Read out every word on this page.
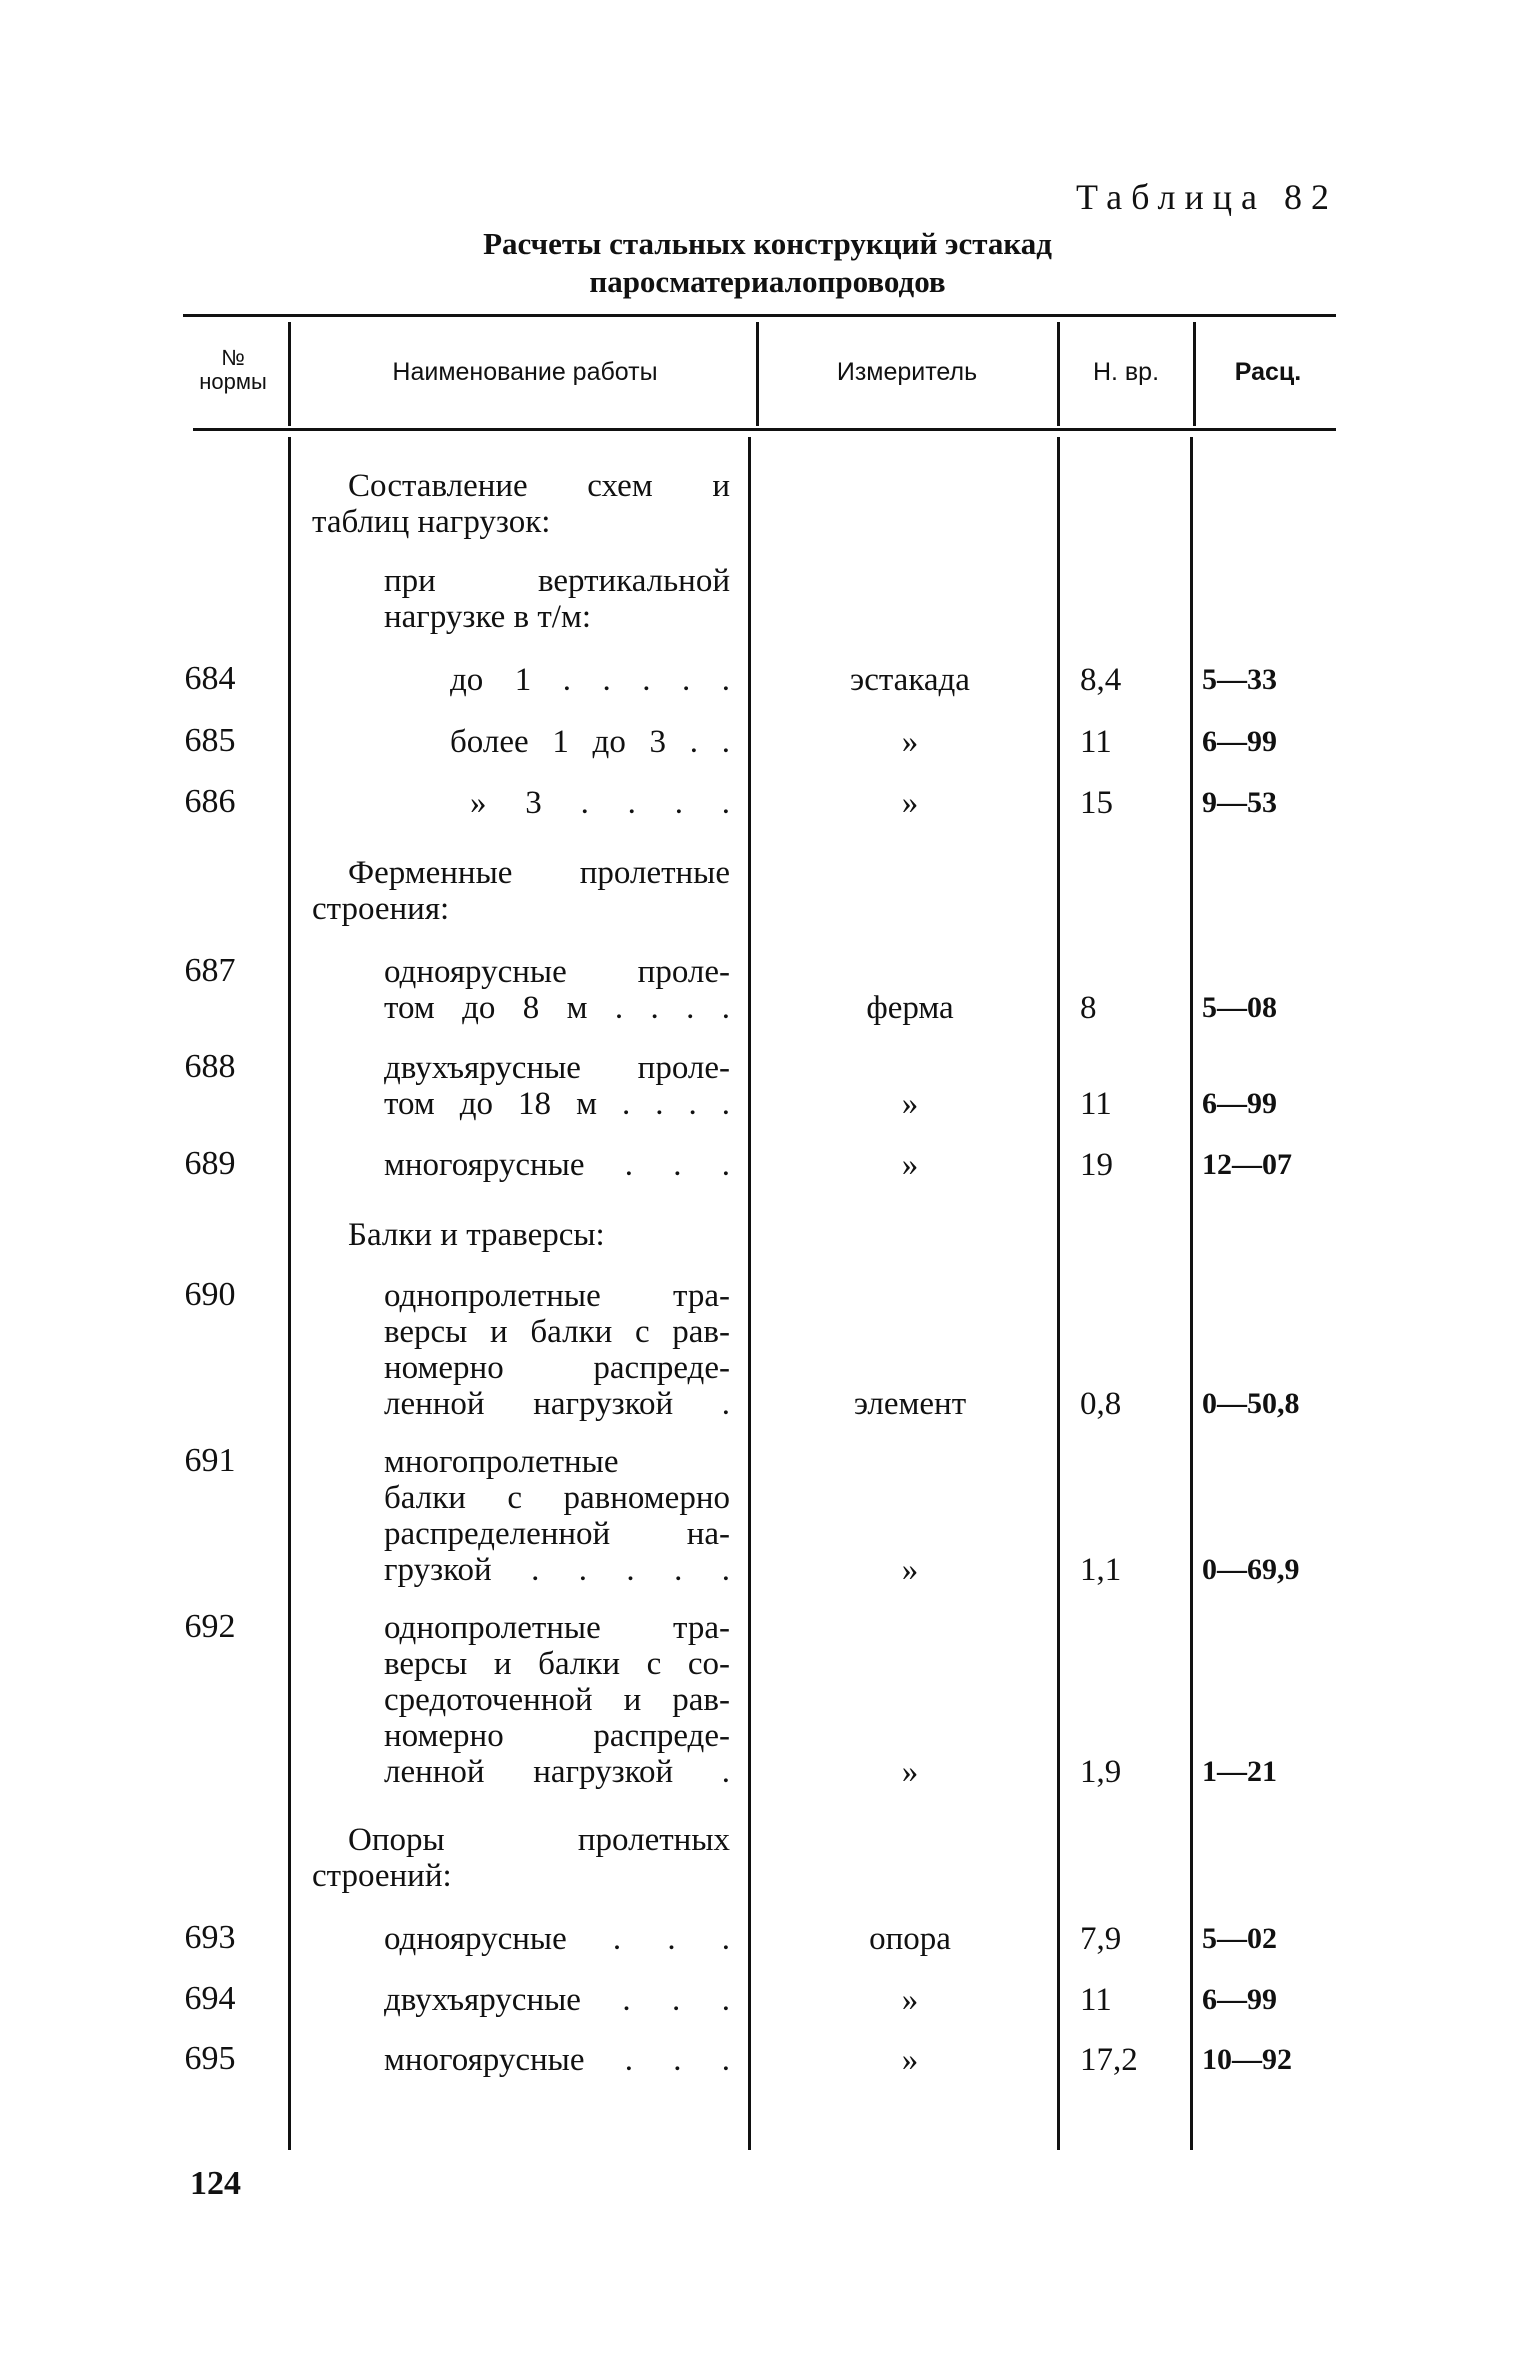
Таблица 82
Расчеты стальных конструкций эстакад
паросматериалопроводов
№
нормы	Наименование работы	Измеритель	Н. вр.	Расц.
Составление схем и
таблиц нагрузок:
при вертикальной
нагрузке в т/м:
684	до 1 . . . . .	эстакада	8,4	5—33
685	более 1 до 3 . .	»	11	6—99
686	» 3 . . . .	»	15	9—53
Ферменные пролетные
строения:
687	одноярусные проле-
том до 8 м . . . .	ферма	8	5—08
688	двухъярусные проле-
том до 18 м . . . .	»	11	6—99
689	многоярусные . . .	»	19	12—07
Балки и траверсы:
690	однопролетные тра-
версы и балки с рав-
номерно распреде-
ленной нагрузкой .	элемент	0,8	0—50,8
691	многопролетные
балки с равномерно
распределенной на-
грузкой . . . . .	»	1,1	0—69,9
692	однопролетные тра-
версы и балки с со-
средоточенной и рав-
номерно распреде-
ленной нагрузкой .	»	1,9	1—21
Опоры пролетных
строений:
693	одноярусные . . .	опора	7,9	5—02
694	двухъярусные . . .	»	11	6—99
695	многоярусные . . .	»	17,2	10—92
124
